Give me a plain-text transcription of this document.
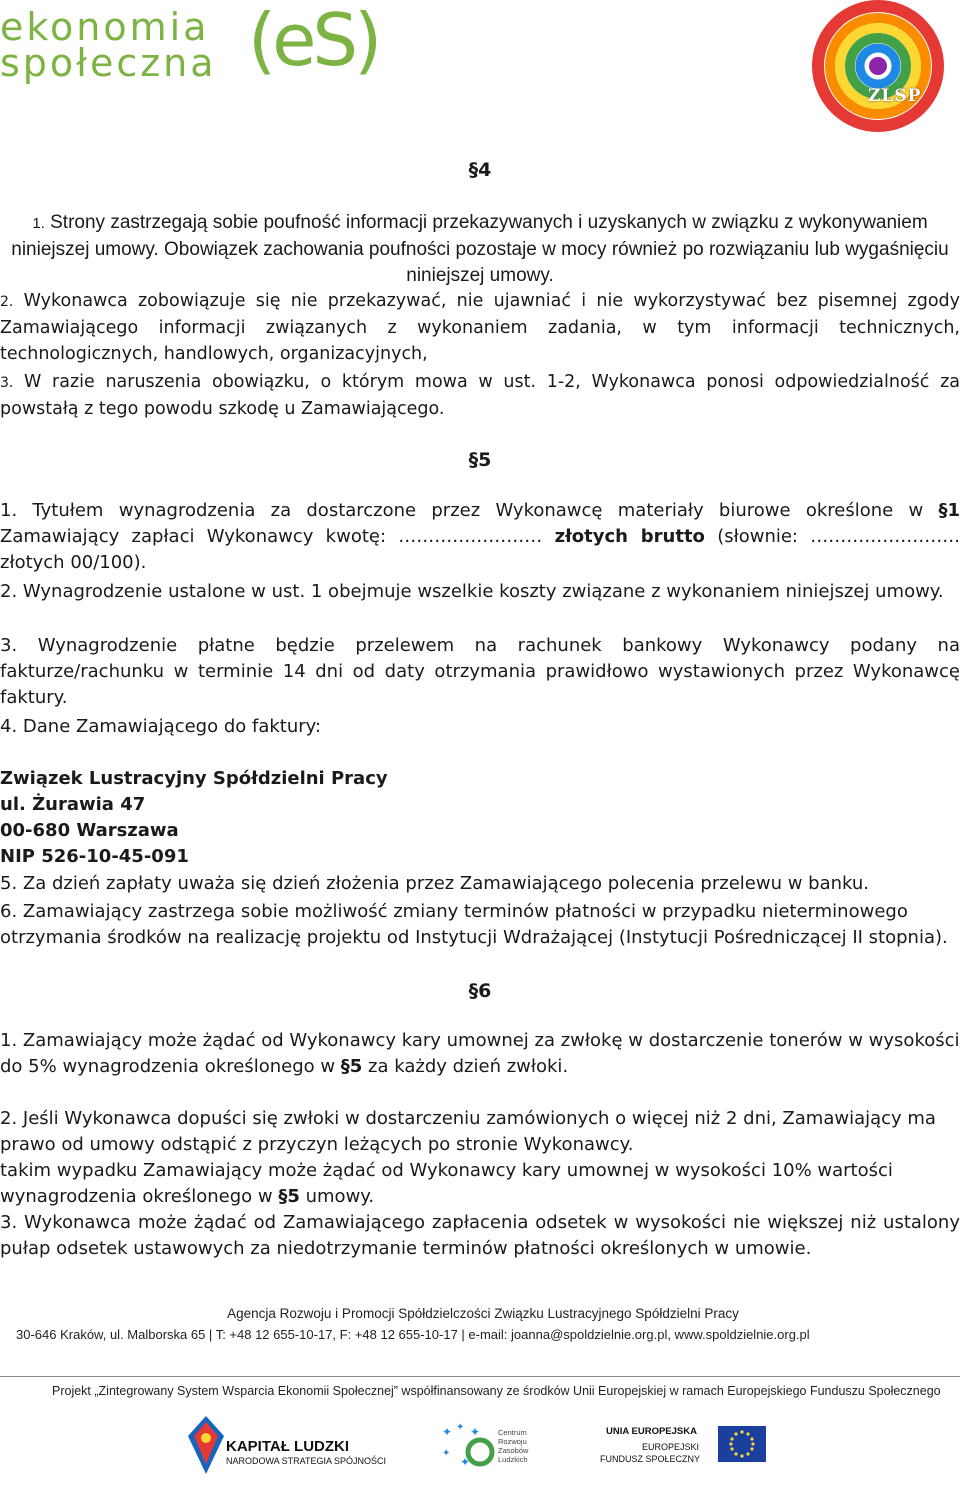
ekonomia
społeczna (eS)
ZLSP
§4
1. Strony zastrzegają sobie poufność informacji przekazywanych i uzyskanych w związku z wykonywaniem niniejszej umowy. Obowiązek zachowania poufności pozostaje w mocy również po rozwiązaniu lub wygaśnięciu niniejszej umowy.
2. Wykonawca zobowiązuje się nie przekazywać, nie ujawniać i nie wykorzystywać bez pisemnej zgody Zamawiającego informacji związanych z wykonaniem zadania, w tym informacji technicznych, technologicznych, handlowych, organizacyjnych,
3. W razie naruszenia obowiązku, o którym mowa w ust. 1-2, Wykonawca ponosi odpowiedzialność za powstałą z tego powodu szkodę u Zamawiającego.
§5
1. Tytułem wynagrodzenia za dostarczone przez Wykonawcę materiały biurowe określone w §1 Zamawiający zapłaci Wykonawcy kwotę: …………………… złotych brutto (słownie: ……………………. złotych 00/100).
2. Wynagrodzenie ustalone w ust. 1 obejmuje wszelkie koszty związane z wykonaniem niniejszej umowy.
3. Wynagrodzenie płatne będzie przelewem na rachunek bankowy Wykonawcy podany na fakturze/rachunku w terminie 14 dni od daty otrzymania prawidłowo wystawionych przez Wykonawcę faktury.
4. Dane Zamawiającego do faktury:
Związek Lustracyjny Spółdzielni Pracy
ul. Żurawia 47
00-680 Warszawa
NIP 526-10-45-091
5. Za dzień zapłaty uważa się dzień złożenia przez Zamawiającego polecenia przelewu w banku.
6. Zamawiający zastrzega sobie możliwość zmiany terminów płatności w przypadku nieterminowego otrzymania środków na realizację projektu od Instytucji Wdrażającej (Instytucji Pośredniczącej II stopnia).
§6
1. Zamawiający może żądać od Wykonawcy kary umownej za zwłokę w dostarczenie tonerów w wysokości do 5% wynagrodzenia określonego w §5 za każdy dzień zwłoki.
2. Jeśli Wykonawca dopuści się zwłoki w dostarczeniu zamówionych o więcej niż 2 dni, Zamawiający ma prawo od umowy odstąpić z przyczyn leżących po stronie Wykonawcy.
takim wypadku Zamawiający może żądać od Wykonawcy kary umownej w wysokości 10% wartości wynagrodzenia określonego w §5 umowy.
3. Wykonawca może żądać od Zamawiającego zapłacenia odsetek w wysokości nie większej niż ustalony pułap odsetek ustawowych za niedotrzymanie terminów płatności określonych w umowie.
Agencja Rozwoju i Promocji Spółdzielczości Związku Lustracyjnego Spółdzielni Pracy
30-646 Kraków, ul. Malborska 65 | T: +48 12 655-10-17, F: +48 12 655-10-17 | e-mail: joanna@spoldzielnie.org.pl, www.spoldzielnie.org.pl
Projekt „Zintegrowany System Wsparcia Ekonomii Społecznej” współfinansowany ze środków Unii Europejskiej w ramach Europejskiego Funduszu Społecznego
KAPITAŁ LUDZKI
NARODOWA STRATEGIA SPÓJNOŚCI
✦ ✦ ✦
✦
✦
Centrum Rozwoju Zasobów Ludzkich
UNIA EUROPEJSKA
EUROPEJSKI
FUNDUSZ SPOŁECZNY
